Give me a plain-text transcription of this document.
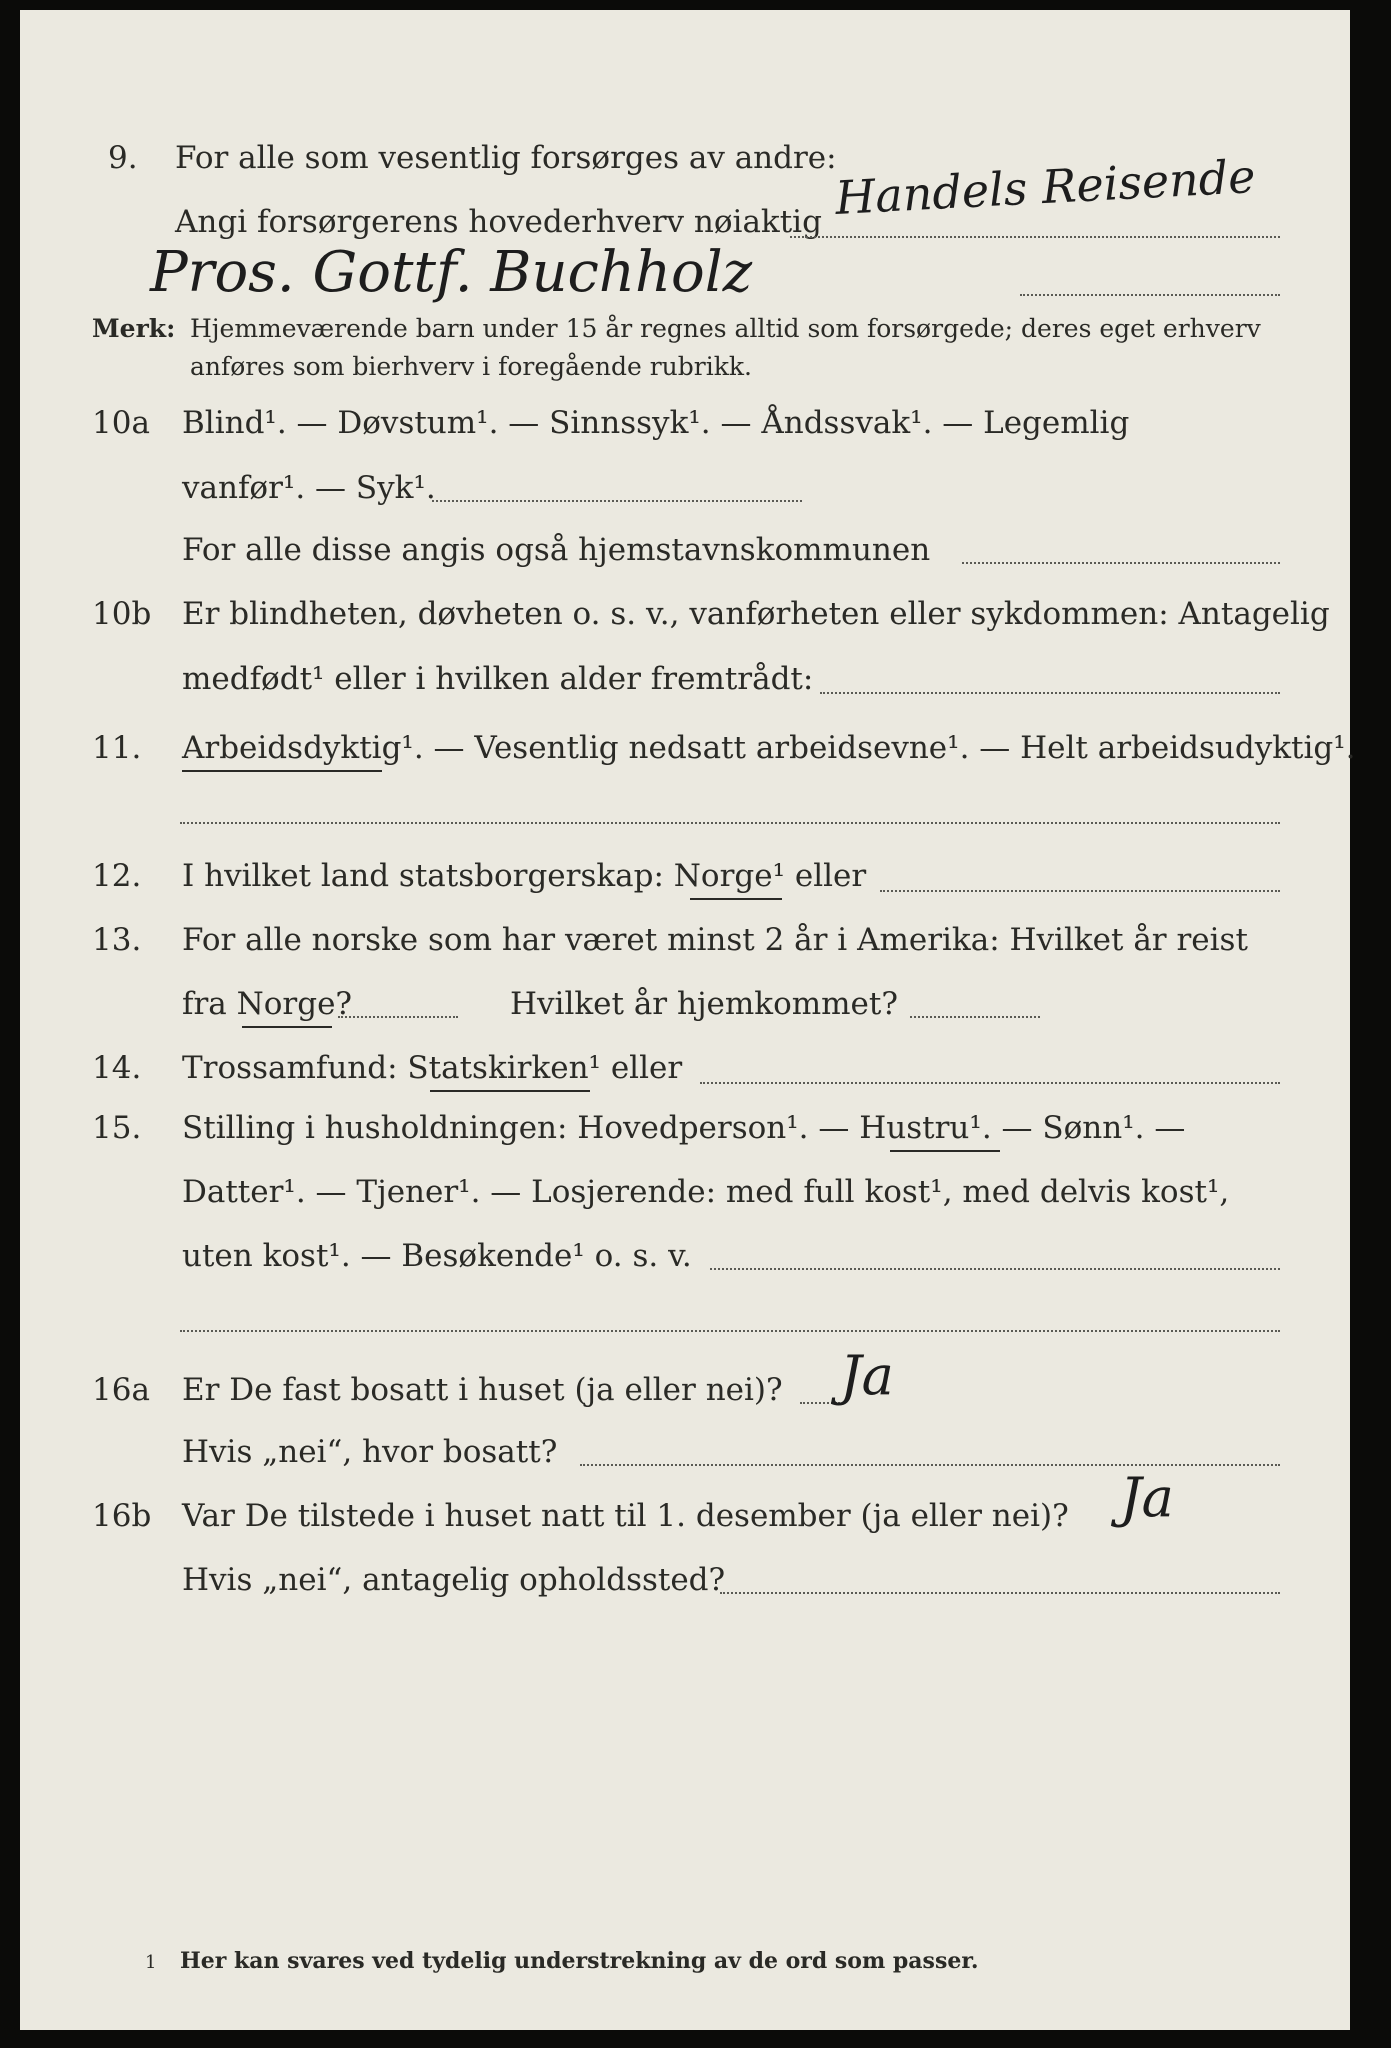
9. For alle som vesentlig forsørges av andre:
Handels Reisende
Angi forsørgerens hovederhverv nøiaktig
Pros. Gottf. Buchholz
Merk: Hjemmeværende barn under 15 år regnes alltid som forsørgede; deres eget erhverv
anføres som bierhverv i foregående rubrikk.
10a Blind¹. — Døvstum¹. — Sinnssyk¹. — Åndssvak¹. — Legemlig
vanfør¹. — Syk¹.
For alle disse angis også hjemstavnskommunen
10b Er blindheten, døvheten o. s. v., vanførheten eller sykdommen: Antagelig
medfødt¹ eller i hvilken alder fremtrådt:
11. Arbeidsdyktig¹. — Vesentlig nedsatt arbeidsevne¹. — Helt arbeidsudyktig¹.
12. I hvilket land statsborgerskap: Norge¹ eller
13. For alle norske som har været minst 2 år i Amerika: Hvilket år reist
fra Norge?	Hvilket år hjemkommet?
14. Trossamfund: Statskirken¹ eller
15. Stilling i husholdningen: Hovedperson¹. — Hustru¹. — Sønn¹. —
Datter¹. — Tjener¹. — Losjerende: med full kost¹, med delvis kost¹,
uten kost¹. — Besøkende¹ o. s. v.
16a Er De fast bosatt i huset (ja eller nei)? Ja
Hvis „nei“, hvor bosatt?
16b Var De tilstede i huset natt til 1. desember (ja eller nei)? Ja
Hvis „nei“, antagelig opholdssted?
1 Her kan svares ved tydelig understrekning av de ord som passer.
